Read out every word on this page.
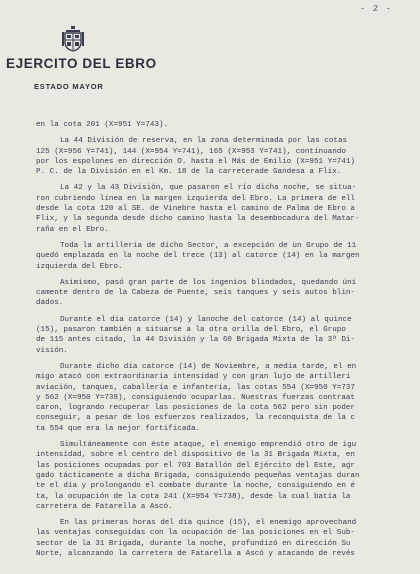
- 2 -
EJERCITO DEL EBRO
ESTADO MAYOR
en la cota 201 (X=951 Y=743).
La 44 División de reserva, en la zona determinada por las cotas
125 (X=956 Y=741), 144 (X=954 Y=741), 165 (X=953 Y=741), continuando
por los espolones en dirección O. hasta el Más de Emilio (X=951 Y=741)
P. C. de la División en el Km. 18 de la carreterade Gandesa a Flix.
La 42 y la 43 División, que pasaron el río dicha noche, se situa-
ron cubriendo línea en la margen izquierda del Ebro. La primera de ell
desde la cota 120 al SE. de Vinebre hasta el camino de Palma de Ebro a
Flix, y la segunda desde dicho camino hasta la desembocadura del Matar-
raña en el Ebro.
Toda la artillería de dicho Sector, a excepción de un Grupo de 11
quedó emplazada en la noche del trece (13) al catorce (14) en la margen
izquierda del Ebro.
Asimismo, pasó gran parte de los ingenios blindados, quedando úni
camente dentro de la Cabeza de Puente, seis tanques y seis autos blin-
dados.
Durante el día catorce (14) y lanoche del catorce (14) al quince
(15), pasaron también a situarse a la otra orilla del Ebro, el Grupo
de 115 antes citado, la 44 División y la 60 Brigada Mixta de la 3ª Di-
visión.
Durante dicho día catorce (14) de Noviembre, a media tarde, el en
migo atacó con extraordinaria intensidad y con gran lujo de artilleri
aviación, tanques, caballería e infantería, las cotas 554 (X=950 Y=737
y 562 (X=950 Y=738), consiguiendo ocuparlas. Nuestras fuerzas contraat
caron, logrando recuperar las posiciones de la cota 562 pero sin poder
conseguir, a pesar de los esfuerzos realizados, la reconquista de la c
ta 554 que era la mejor fortificada.
Simultáneamente con éste ataque, el enemigo emprendió otro de igu
intensidad, sobre el centro del dispositivo de la 31 Brigada Mixta, en
las posiciones ocupadas por el 703 Batallón del Ejército del Este, agr
gado tácticamente a dicha Brigada, consiguiendo pequeñas ventajas duran
te el día y prolongando el combate durante la noche, consiguiendo en é
ta, la ocupación de la cota 241 (X=954 Y=738), desde la cual batía la
carretera de Fatarella a Ascó.
En las primeras horas del día quince (15), el enemigo aprovechand
las ventajas conseguidas con la ocupación de las posiciones en el Sub-
sector de la 31 Brigada, durante la noche, profundizó en dirección Su
Norte, alcanzando la carretera de Fatarella a Ascó y atacando de revés
